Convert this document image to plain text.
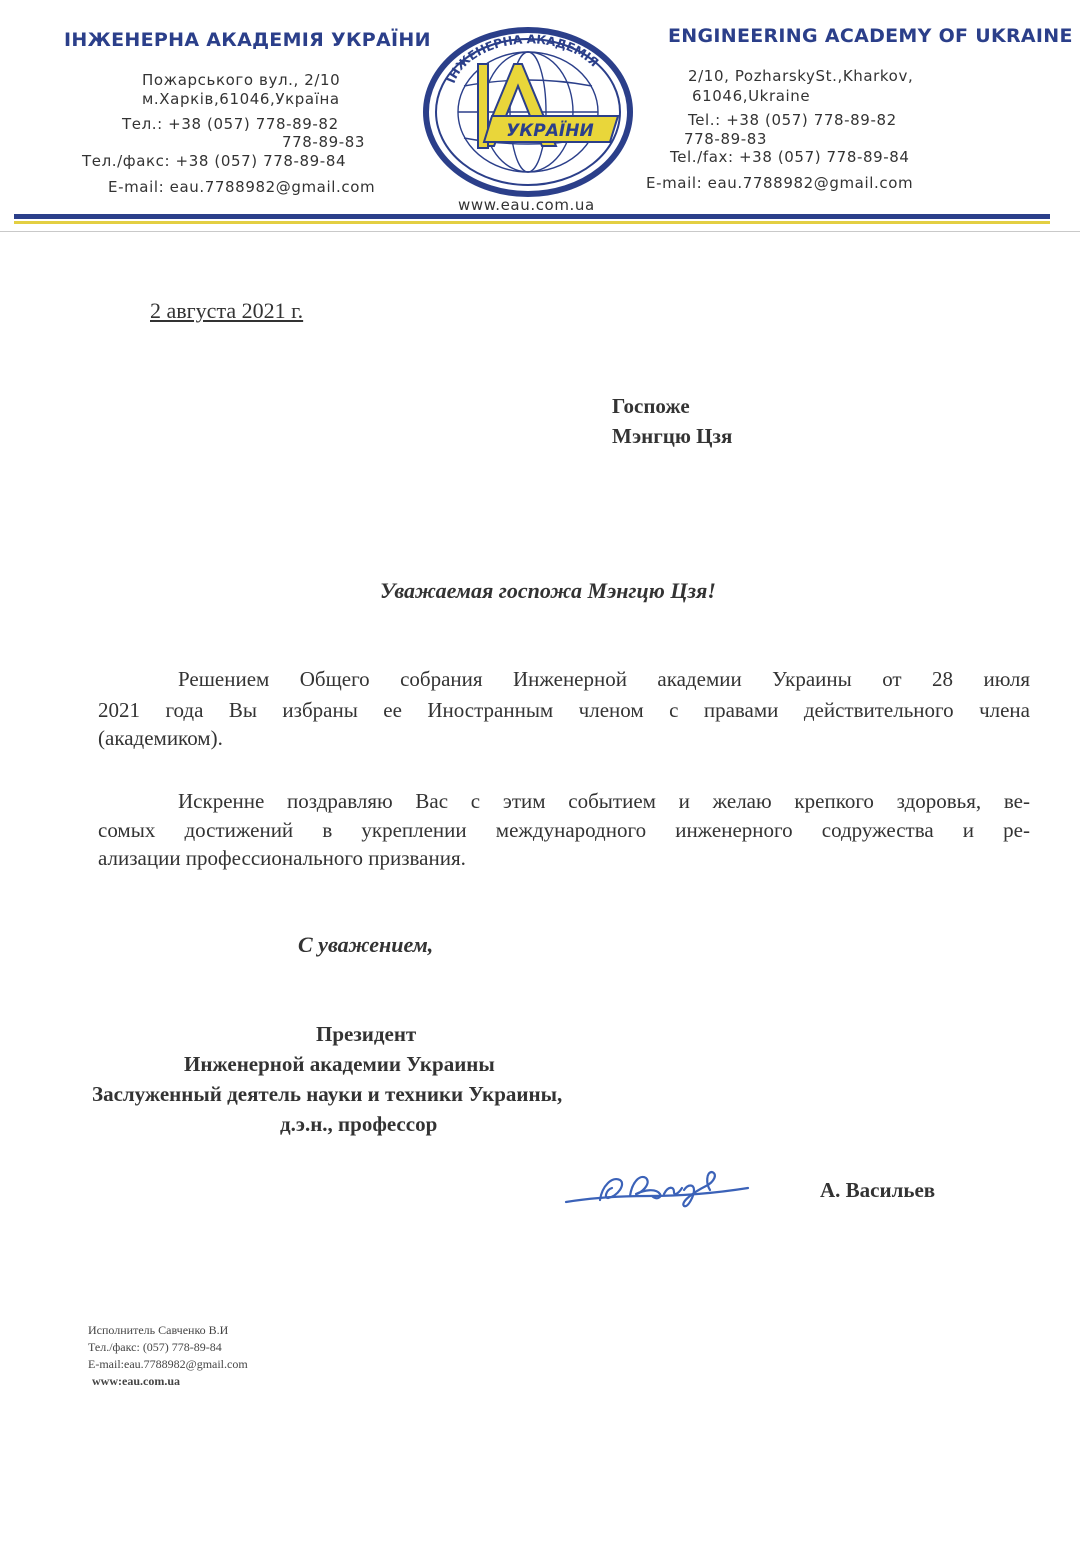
ІНЖЕНЕРНА АКАДЕМІЯ УКРАЇНИ
Пожарського вул., 2/10
м.Харків,61046,Україна
Тел.: +38 (057) 778-89-82
778-89-83
Тел./факс: +38 (057) 778-89-84
E-mail: eau.7788982@gmail.com
ІНЖЕНЕРНА АКАДЕМІЯ
УКРАЇНИ
www.eau.com.ua
ENGINEERING ACADEMY OF UKRAINE
2/10, PozharskySt.,Kharkov,
61046,Ukraine
Tel.: +38 (057) 778-89-82
778-89-83
Tel./fax: +38 (057) 778-89-84
E-mail: eau.7788982@gmail.com
2 августа 2021 г.
Госпоже
Мэнгцю Цзя
Уважаемая госпожа Мэнгцю Цзя!
Решением Общего собрания Инженерной академии Украины от 28 июля
2021 года Вы избраны ее Иностранным членом с правами действительного члена
(академиком).
Искренне поздравляю Вас с этим событием и желаю крепкого здоровья, ве-
сомых достижений в укреплении международного инженерного содружества и ре-
ализации профессионального призвания.
С уважением,
Президент
Инженерной академии Украины
Заслуженный деятель науки и техники Украины,
д.э.н., профессор
А. Васильев
Исполнитель Савченко В.И
Тел./факс: (057) 778-89-84
E-mail:eau.7788982@gmail.com
www:eau.com.ua
